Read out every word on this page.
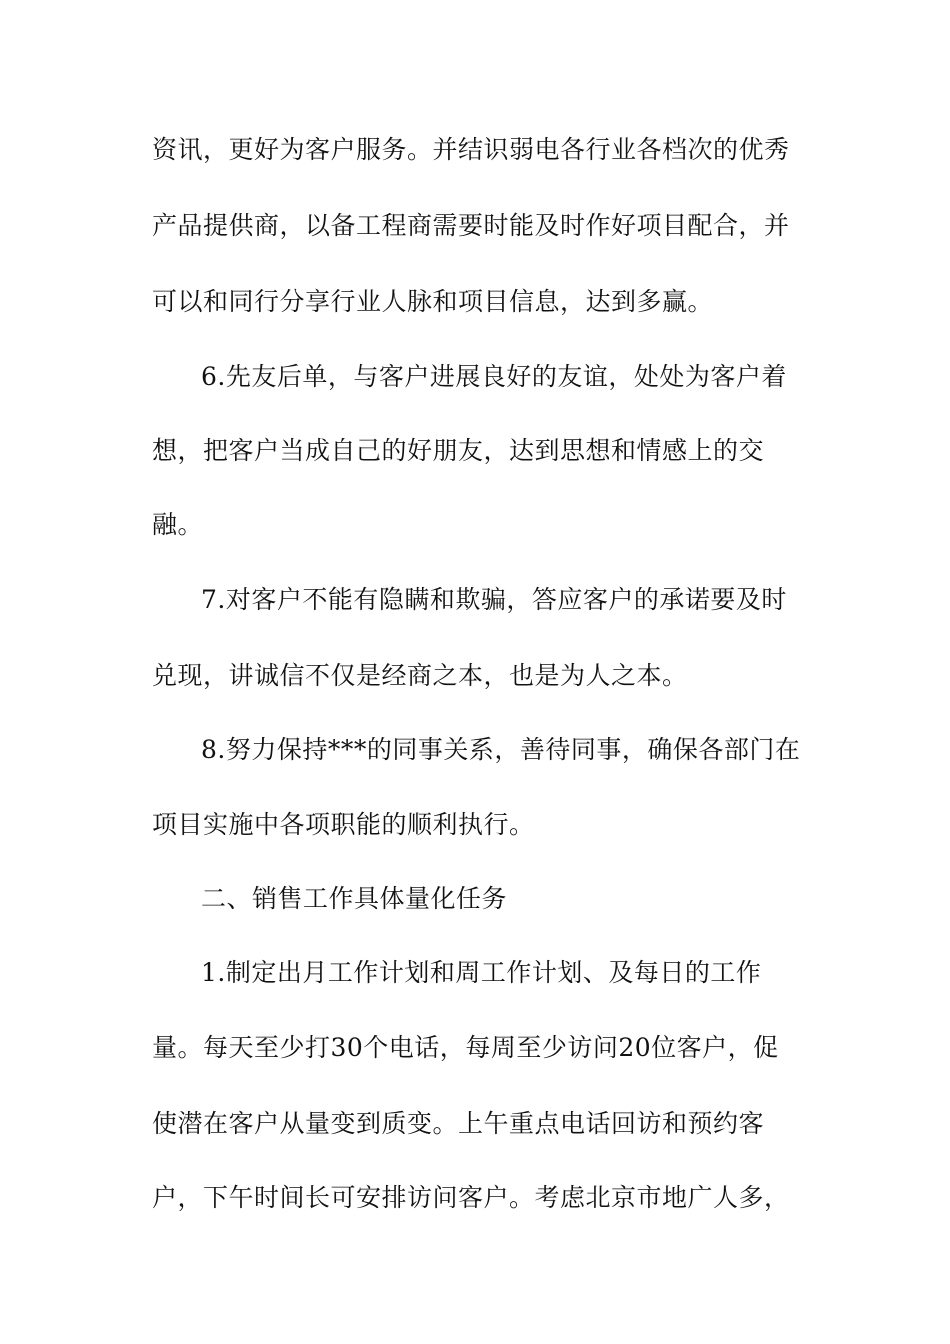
资讯，更好为客户服务。并结识弱电各行业各档次的优秀
产品提供商，以备工程商需要时能及时作好项目配合，并
可以和同行分享行业人脉和项目信息，达到多赢。
6.先友后单，与客户进展良好的友谊，处处为客户着
想，把客户当成自己的好朋友，达到思想和情感上的交
融。
7.对客户不能有隐瞒和欺骗，答应客户的承诺要及时
兑现，讲诚信不仅是经商之本，也是为人之本。
8.努力保持***的同事关系，善待同事，确保各部门在
项目实施中各项职能的顺利执行。
二、销售工作具体量化任务
1.制定出月工作计划和周工作计划、及每日的工作
量。每天至少打30个电话，每周至少访问20位客户，促
使潜在客户从量变到质变。上午重点电话回访和预约客
户，下午时间长可安排访问客户。考虑北京市地广人多，
